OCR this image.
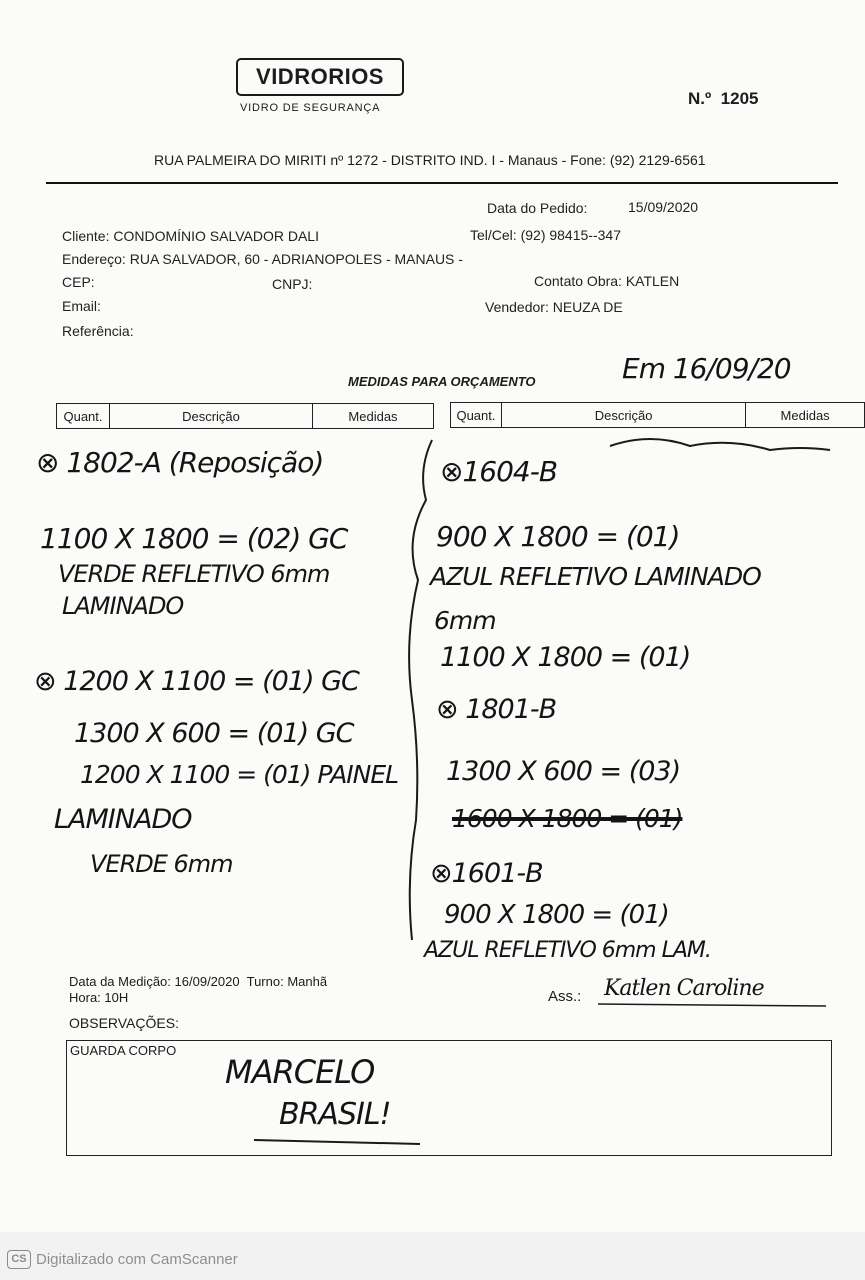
VIDRORIOS
VIDRO DE SEGURANÇA	N.º 1205
RUA PALMEIRA DO MIRITI nº 1272 - DISTRITO IND. I - Manaus - Fone: (92) 2129-6561
Data do Pedido:	15/09/2020
Cliente: CONDOMÍNIO SALVADOR DALI	Tel/Cel: (92) 98415--347
Endereço: RUA SALVADOR, 60 - ADRIANOPOLES - MANAUS -
CEP:	CNPJ:	Contato Obra: KATLEN
Email:	Vendedor: NEUZA DE
Referência:
MEDIDAS PARA ORÇAMENTO	Em 16/09/20
Quant.	Descrição	Medidas	Quant.	Descrição	Medidas
⊗ 1802-A (Reposição)
1100 X 1800 = (02) GC
VERDE REFLETIVO 6mm
LAMINADO
⊗ 1200 X 1100 = (01) GC
1300 X 600 = (01) GC
1200 X 1100 = (01) PAINEL
LAMINADO
VERDE 6mm
⊗1604-B
900 X 1800 = (01)
AZUL REFLETIVO LAMINADO
6mm
1100 X 1800 = (01)
⊗ 1801-B
1300 X 600 = (03)
1600 X 1800 = (01)
⊗1601-B
900 X 1800 = (01)
AZUL REFLETIVO 6mm LAM.
Data da Medição: 16/09/2020 Turno: Manhã
Hora: 10H	Ass.: Katlen Caroline
OBSERVAÇÕES:
GUARDA CORPO
MARCELO
BRASIL!
CS Digitalizado com CamScanner
